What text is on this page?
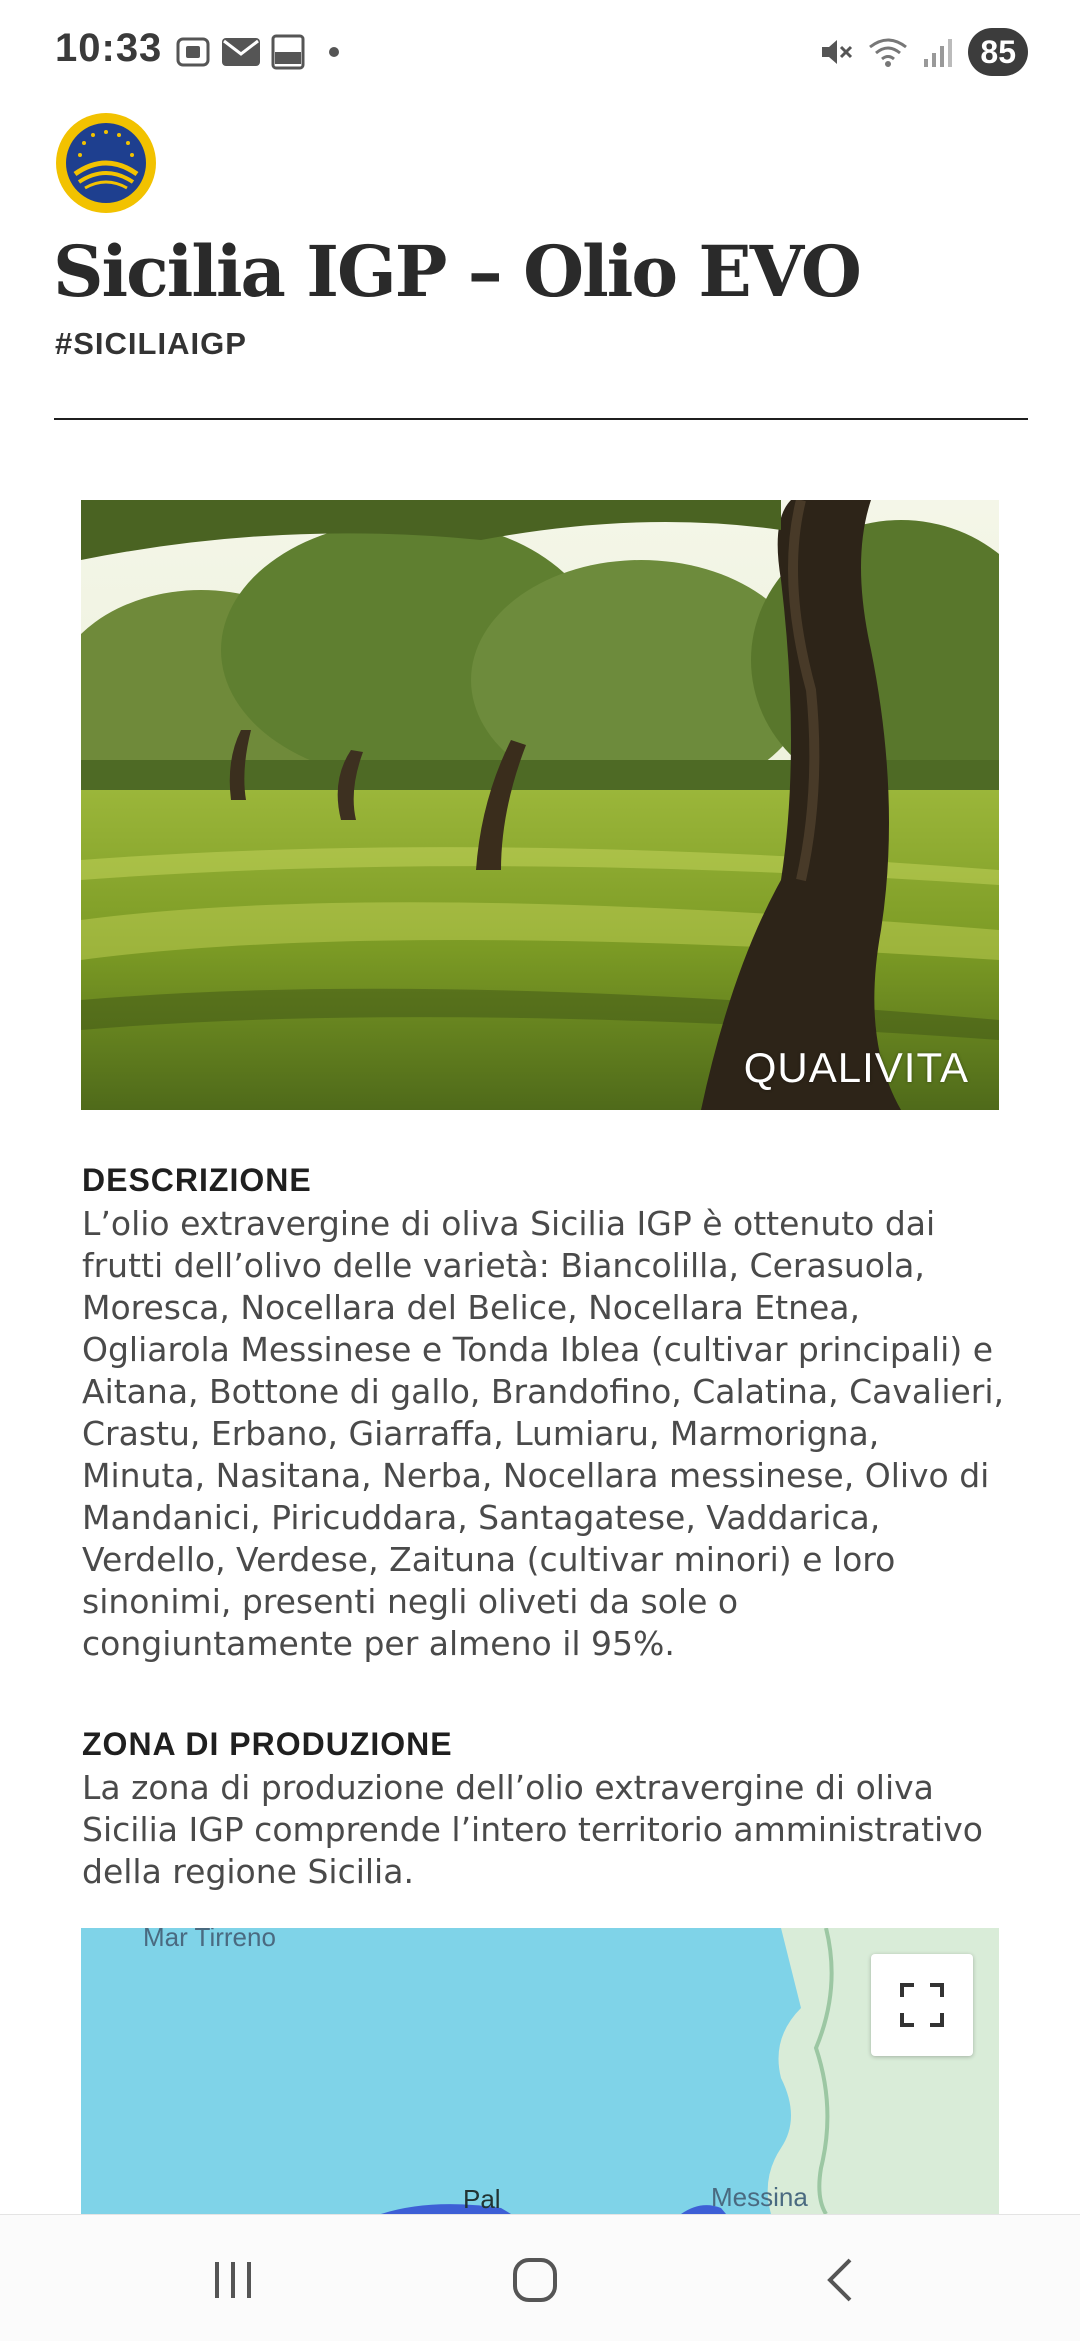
10:33	85
Sicilia IGP – Olio EVO
#SICILIAIGP
QUALIVITA
DESCRIZIONE

L’olio extravergine di oliva Sicilia IGP è ottenuto dai frutti dell’olivo delle varietà: Biancolilla, Cerasuola, Moresca, Nocellara del Belice, Nocellara Etnea, Ogliarola Messinese e Tonda Iblea (cultivar principali) e Aitana, Bottone di gallo, Brandofino, Calatina, Cavalieri, Crastu, Erbano, Giarraffa, Lumiaru, Marmorigna, Minuta, Nasitana, Nerba, Nocellara messinese, Olivo di Mandanici, Piricuddara, Santagatese, Vaddarica, Verdello, Verdese, Zaituna (cultivar minori) e loro sinonimi, presenti negli oliveti da sole o congiuntamente per almeno il 95%.

ZONA DI PRODUZIONE

La zona di produzione dell’olio extravergine di oliva Sicilia IGP comprende l’intero territorio amministrativo della regione Sicilia.

Mar Tirreno
Messina
Pal
